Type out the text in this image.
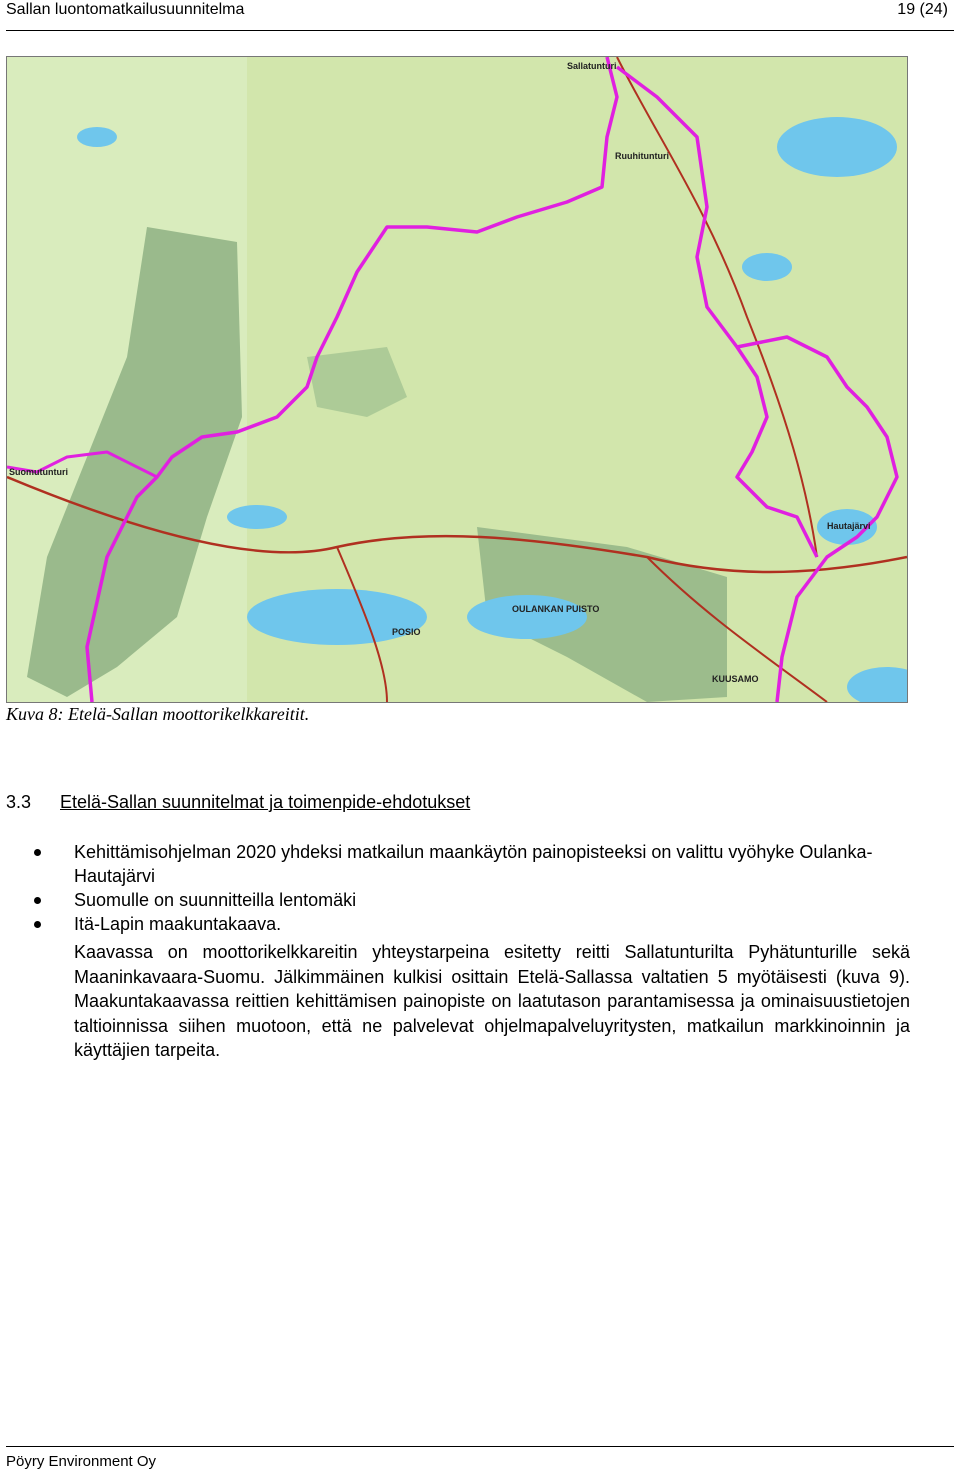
Sallan luontomatkailusuunnitelma	19 (24)
Sallatunturi
Ruuhitunturi
Suomutunturi
Hautajärvi
POSIO
KUUSAMO
OULANKAN PUISTO
Kuva 8: Etelä-Sallan moottorikelkkareitit.
3.3	Etelä-Sallan suunnitelmat ja toimenpide-ehdotukset
Kehittämisohjelman 2020 yhdeksi matkailun maankäytön painopisteeksi on valittu vyöhyke Oulanka-Hautajärvi
Suomulle on suunnitteilla lentomäki
Itä-Lapin maakuntakaava.

Kaavassa on moottorikelkkareitin yhteystarpeina esitetty reitti Sallatunturilta Pyhätunturille sekä Maaninkavaara-Suomu. Jälkimmäinen kulkisi osittain Etelä-Sallassa valtatien 5 myötäisesti (kuva 9). Maakuntakaavassa reittien kehittämisen painopiste on laatutason parantamisessa ja ominaisuustietojen taltioinnissa siihen muotoon, että ne palvelevat ohjelmapalveluyritysten, matkailun markkinoinnin ja käyttäjien tarpeita.

Pöyry Environment Oy
